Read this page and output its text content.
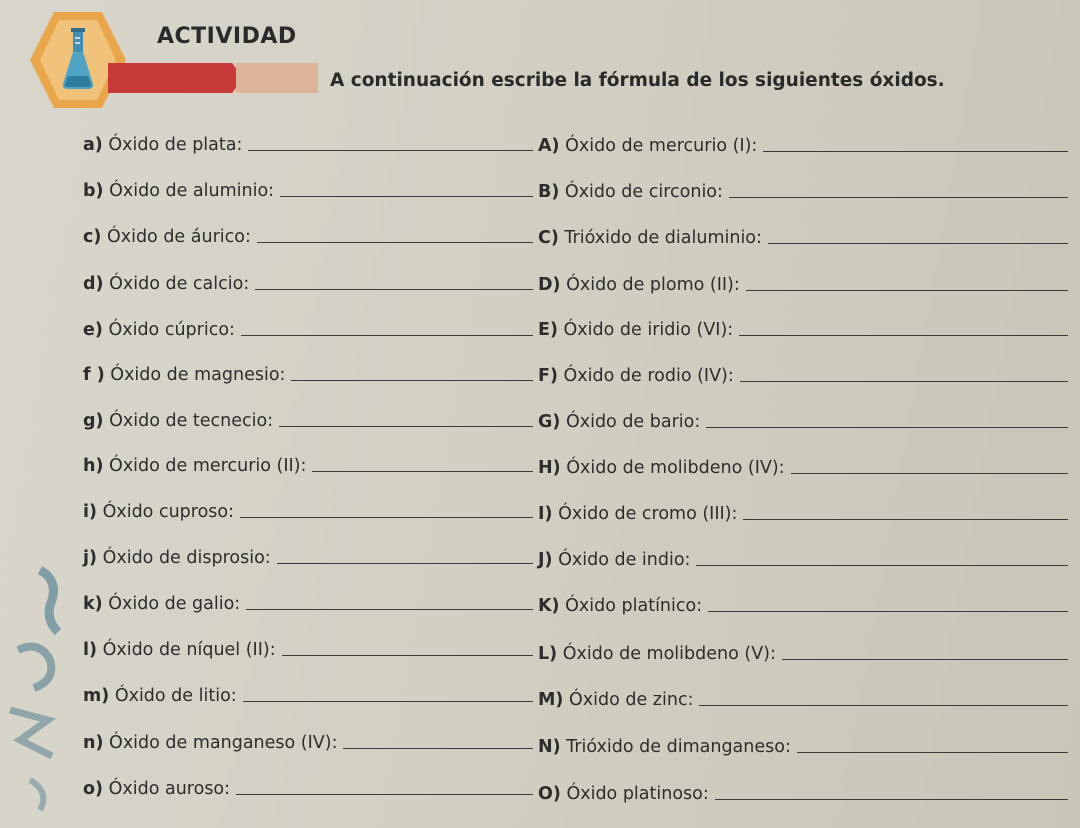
ACTIVIDAD
A continuación escribe la fórmula de los siguientes óxidos.
a) Óxido de plata:
b) Óxido de aluminio:
c) Óxido de áurico:
d) Óxido de calcio:
e) Óxido cúprico:
f ) Óxido de magnesio:
g) Óxido de tecnecio:
h) Óxido de mercurio (II):
i) Óxido cuproso:
j) Óxido de disprosio:
k) Óxido de galio:
l) Óxido de níquel (II):
m) Óxido de litio:
n) Óxido de manganeso (IV):
o) Óxido auroso:
A) Óxido de mercurio (I):
B) Óxido de circonio:
C) Trióxido de dialuminio:
D) Óxido de plomo (II):
E) Óxido de iridio (VI):
F) Óxido de rodio (IV):
G) Óxido de bario:
H) Óxido de molibdeno (IV):
I) Óxido de cromo (III):
J) Óxido de indio:
K) Óxido platínico:
L) Óxido de molibdeno (V):
M) Óxido de zinc:
N) Trióxido de dimanganeso:
O) Óxido platinoso:
